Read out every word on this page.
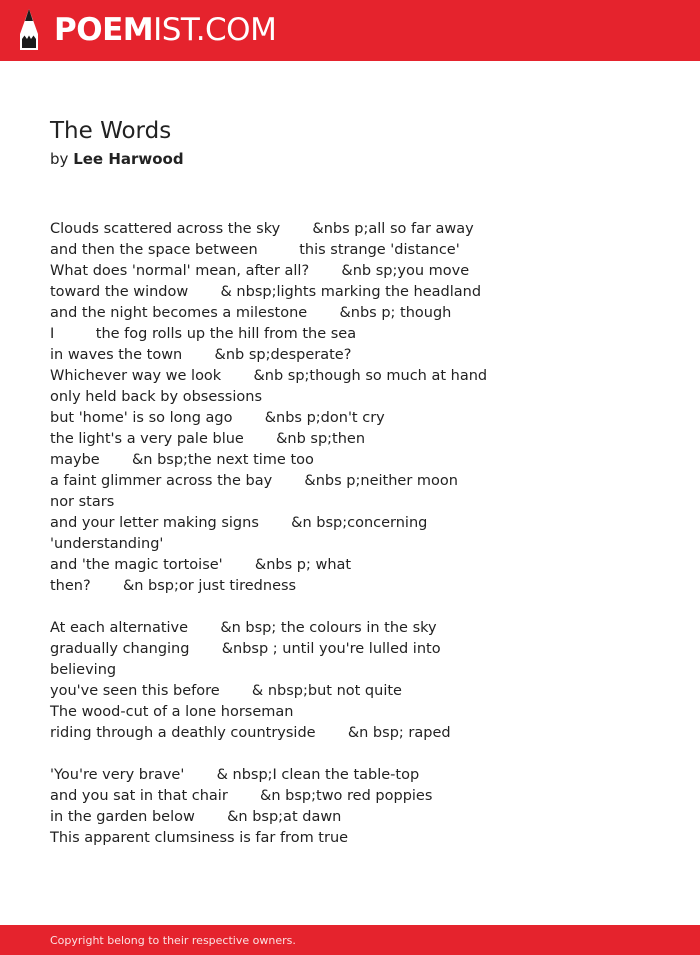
POEMIST.COM
The Words
by Lee Harwood
Clouds scattered across the sky       &nbs p;all so far away
and then the space between         this strange 'distance'
What does 'normal' mean, after all?       &nb sp;you move
toward the window       & nbsp;lights marking the headland
and the night becomes a milestone       &nbs p; though
I         the fog rolls up the hill from the sea
in waves the town       &nb sp;desperate?
Whichever way we look       &nb sp;though so much at hand
only held back by obsessions
but 'home' is so long ago       &nbs p;don't cry
the light's a very pale blue       &nb sp;then
maybe       &n bsp;the next time too
a faint glimmer across the bay       &nbs p;neither moon
nor stars
and your letter making signs       &n bsp;concerning
'understanding'
and 'the magic tortoise'       &nbs p; what
then?       &n bsp;or just tiredness
At each alternative       &n bsp; the colours in the sky
gradually changing       &nbsp ; until you're lulled into
believing
you've seen this before       & nbsp;but not quite
The wood-cut of a lone horseman
riding through a deathly countryside       &n bsp; raped
'You're very brave'       & nbsp;I clean the table-top
and you sat in that chair       &n bsp;two red poppies
in the garden below       &n bsp;at dawn
This apparent clumsiness is far from true
Copyright belong to their respective owners.
